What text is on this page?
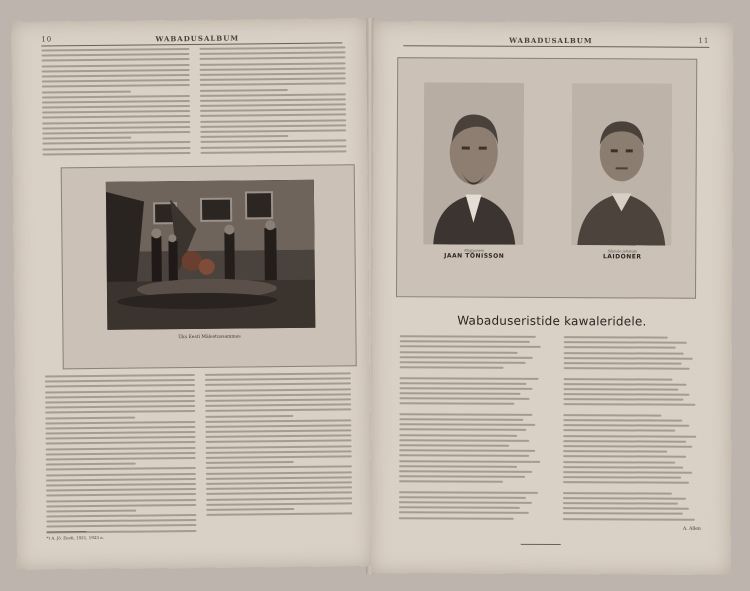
10	WABADUSALBUM
Üks Eesti Mälestussammas
*) A. Jö. Eesti, 1921, 1923 a.
WABADUSALBUM	11
Riigivanem
JAAN TÕNISSON
Sõjaväe juhataja
LAIDONER
Wabaduseristide kawaleridele.
A. Allen
